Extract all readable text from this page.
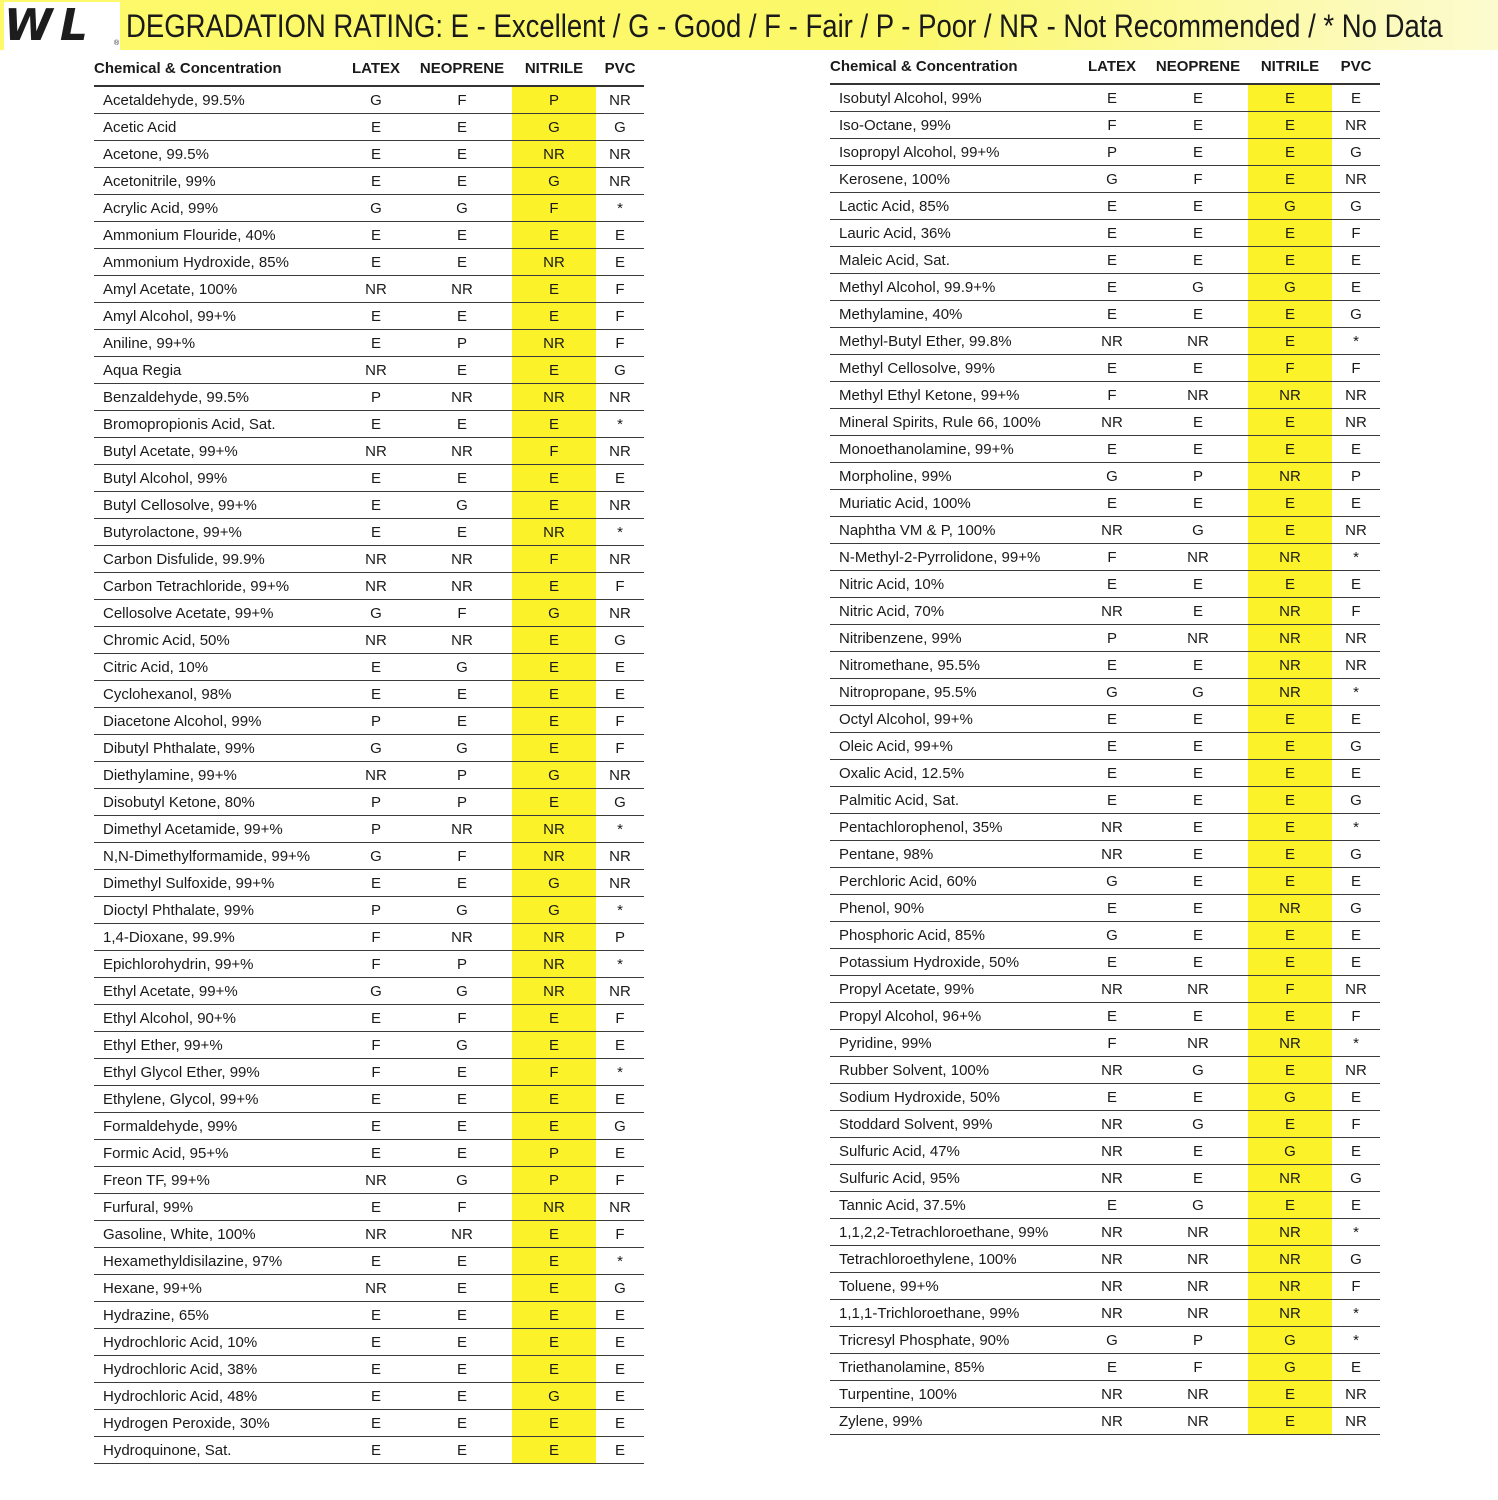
W L	® DEGRADATION RATING: E - Excellent / G - Good / F - Fair / P - Poor / NR - Not Recommended / * No Data
Chemical & Concentration	LATEX	NEOPRENE	NITRILE	PVC
Acetaldehyde, 99.5%	G	F	P	NR
Acetic Acid	E	E	G	G
Acetone, 99.5%	E	E	NR	NR
Acetonitrile, 99%	E	E	G	NR
Acrylic Acid, 99%	G	G	F	*
Ammonium Flouride, 40%	E	E	E	E
Ammonium Hydroxide, 85%	E	E	NR	E
Amyl Acetate, 100%	NR	NR	E	F
Amyl Alcohol, 99+%	E	E	E	F
Aniline, 99+%	E	P	NR	F
Aqua Regia	NR	E	E	G
Benzaldehyde, 99.5%	P	NR	NR	NR
Bromopropionis Acid, Sat.	E	E	E	*
Butyl Acetate, 99+%	NR	NR	F	NR
Butyl Alcohol, 99%	E	E	E	E
Butyl Cellosolve, 99+%	E	G	E	NR
Butyrolactone, 99+%	E	E	NR	*
Carbon Disfulide, 99.9%	NR	NR	F	NR
Carbon Tetrachloride, 99+%	NR	NR	E	F
Cellosolve Acetate, 99+%	G	F	G	NR
Chromic Acid, 50%	NR	NR	E	G
Citric Acid, 10%	E	G	E	E
Cyclohexanol, 98%	E	E	E	E
Diacetone Alcohol, 99%	P	E	E	F
Dibutyl Phthalate, 99%	G	G	E	F
Diethylamine, 99+%	NR	P	G	NR
Disobutyl Ketone, 80%	P	P	E	G
Dimethyl Acetamide, 99+%	P	NR	NR	*
N,N-Dimethylformamide, 99+%	G	F	NR	NR
Dimethyl Sulfoxide, 99+%	E	E	G	NR
Dioctyl Phthalate, 99%	P	G	G	*
1,4-Dioxane, 99.9%	F	NR	NR	P
Epichlorohydrin, 99+%	F	P	NR	*
Ethyl Acetate, 99+%	G	G	NR	NR
Ethyl Alcohol, 90+%	E	F	E	F
Ethyl Ether, 99+%	F	G	E	E
Ethyl Glycol Ether, 99%	F	E	F	*
Ethylene, Glycol, 99+%	E	E	E	E
Formaldehyde, 99%	E	E	E	G
Formic Acid, 95+%	E	E	P	E
Freon TF, 99+%	NR	G	P	F
Furfural, 99%	E	F	NR	NR
Gasoline, White, 100%	NR	NR	E	F
Hexamethyldisilazine, 97%	E	E	E	*
Hexane, 99+%	NR	E	E	G
Hydrazine, 65%	E	E	E	E
Hydrochloric Acid, 10%	E	E	E	E
Hydrochloric Acid, 38%	E	E	E	E
Hydrochloric Acid, 48%	E	E	G	E
Hydrogen Peroxide, 30%	E	E	E	E
Hydroquinone, Sat.	E	E	E	E
Chemical & Concentration	LATEX	NEOPRENE	NITRILE	PVC
Isobutyl Alcohol, 99%	E	E	E	E
Iso-Octane, 99%	F	E	E	NR
Isopropyl Alcohol, 99+%	P	E	E	G
Kerosene, 100%	G	F	E	NR
Lactic Acid, 85%	E	E	G	G
Lauric Acid, 36%	E	E	E	F
Maleic Acid, Sat.	E	E	E	E
Methyl Alcohol, 99.9+%	E	G	G	E
Methylamine, 40%	E	E	E	G
Methyl-Butyl Ether, 99.8%	NR	NR	E	*
Methyl Cellosolve, 99%	E	E	F	F
Methyl Ethyl Ketone, 99+%	F	NR	NR	NR
Mineral Spirits, Rule 66, 100%	NR	E	E	NR
Monoethanolamine, 99+%	E	E	E	E
Morpholine, 99%	G	P	NR	P
Muriatic Acid, 100%	E	E	E	E
Naphtha VM & P, 100%	NR	G	E	NR
N-Methyl-2-Pyrrolidone, 99+%	F	NR	NR	*
Nitric Acid, 10%	E	E	E	E
Nitric Acid, 70%	NR	E	NR	F
Nitribenzene, 99%	P	NR	NR	NR
Nitromethane, 95.5%	E	E	NR	NR
Nitropropane, 95.5%	G	G	NR	*
Octyl Alcohol, 99+%	E	E	E	E
Oleic Acid, 99+%	E	E	E	G
Oxalic Acid, 12.5%	E	E	E	E
Palmitic Acid, Sat.	E	E	E	G
Pentachlorophenol, 35%	NR	E	E	*
Pentane, 98%	NR	E	E	G
Perchloric Acid, 60%	G	E	E	E
Phenol, 90%	E	E	NR	G
Phosphoric Acid, 85%	G	E	E	E
Potassium Hydroxide, 50%	E	E	E	E
Propyl Acetate, 99%	NR	NR	F	NR
Propyl Alcohol, 96+%	E	E	E	F
Pyridine, 99%	F	NR	NR	*
Rubber Solvent, 100%	NR	G	E	NR
Sodium Hydroxide, 50%	E	E	G	E
Stoddard Solvent, 99%	NR	G	E	F
Sulfuric Acid, 47%	NR	E	G	E
Sulfuric Acid, 95%	NR	E	NR	G
Tannic Acid, 37.5%	E	G	E	E
1,1,2,2-Tetrachloroethane, 99%	NR	NR	NR	*
Tetrachloroethylene, 100%	NR	NR	NR	G
Toluene, 99+%	NR	NR	NR	F
1,1,1-Trichloroethane, 99%	NR	NR	NR	*
Tricresyl Phosphate, 90%	G	P	G	*
Triethanolamine, 85%	E	F	G	E
Turpentine, 100%	NR	NR	E	NR
Zylene, 99%	NR	NR	E	NR
